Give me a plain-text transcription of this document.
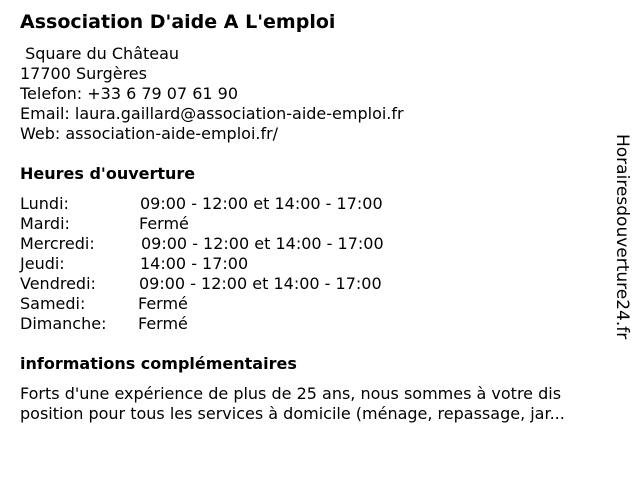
Association D'aide A L'emploi
Square du Château
17700 Surgères
Telefon: +33 6 79 07 61 90
Email: laura.gaillard@association-aide-emploi.fr
Web: association-aide-emploi.fr/
Heures d'ouverture
Lundi:	09:00 - 12:00 et 14:00 - 17:00
Mardi:	Fermé
Mercredi:	09:00 - 12:00 et 14:00 - 17:00
Jeudi:	14:00 - 17:00
Vendredi:	09:00 - 12:00 et 14:00 - 17:00
Samedi:	Fermé
Dimanche: Fermé
informations complémentaires
Forts d'une expérience de plus de 25 ans, nous sommes à votre dis
position pour tous les services à domicile (ménage, repassage, jar...
Horairesdouverture24.fr
